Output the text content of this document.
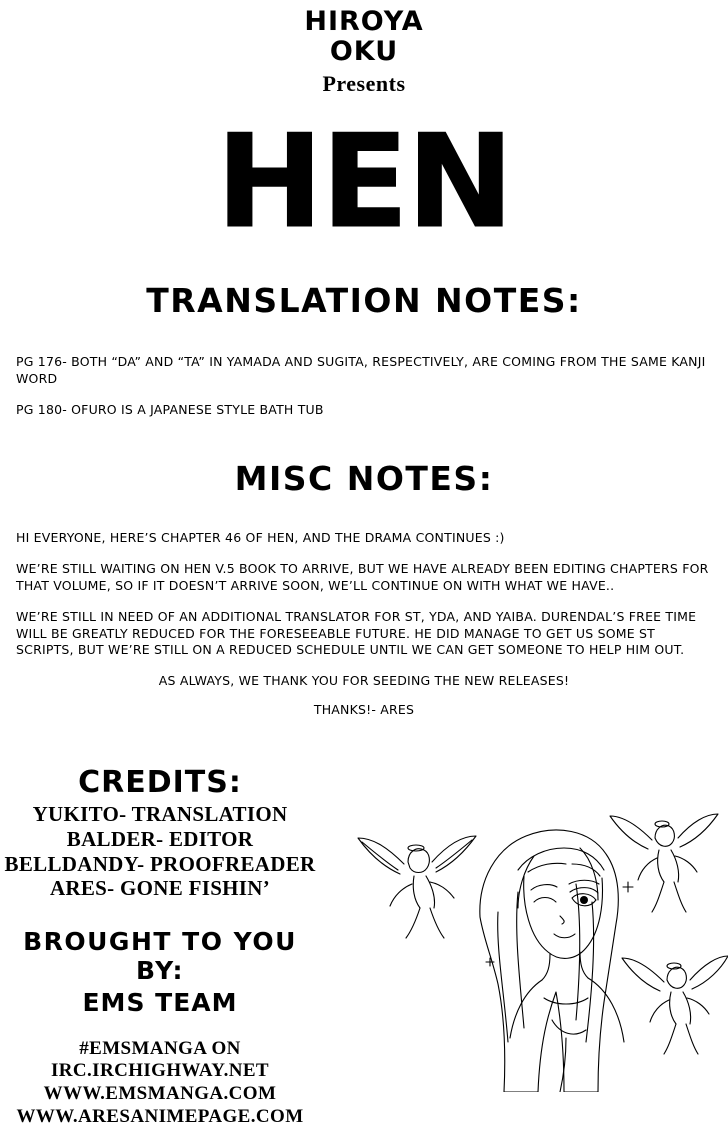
HIROYA
OKU
Presents
HEN
TRANSLATION NOTES:

PG 176- BOTH “DA” AND “TA” IN YAMADA AND SUGITA, RESPECTIVELY, ARE COMING FROM THE SAME KANJI WORD

PG 180- OFURO IS A JAPANESE STYLE BATH TUB

MISC NOTES:

HI EVERYONE, HERE’S CHAPTER 46 OF HEN, AND THE DRAMA CONTINUES :)

WE’RE STILL WAITING ON HEN V.5 BOOK TO ARRIVE, BUT WE HAVE ALREADY BEEN EDITING CHAPTERS FOR THAT VOLUME, SO IF IT DOESN’T ARRIVE SOON, WE’LL CONTINUE ON WITH WHAT WE HAVE..

WE’RE STILL IN NEED OF AN ADDITIONAL TRANSLATOR FOR ST, YDA, AND YAIBA. DURENDAL’S FREE TIME WILL BE GREATLY REDUCED FOR THE FORESEEABLE FUTURE. HE DID MANAGE TO GET US SOME ST SCRIPTS, BUT WE’RE STILL ON A REDUCED SCHEDULE UNTIL WE CAN GET SOMEONE TO HELP HIM OUT.

AS ALWAYS, WE THANK YOU FOR SEEDING THE NEW RELEASES!

THANKS!- ARES

CREDITS:
YUKITO- TRANSLATION
BALDER- EDITOR
BELLDANDY- PROOFREADER
ARES- GONE FISHIN’
BROUGHT TO YOU BY:
EMS TEAM
#EMSMANGA ON
IRC.IRCHIGHWAY.NET
WWW.EMSMANGA.COM
WWW.ARESANIMEPAGE.COM
